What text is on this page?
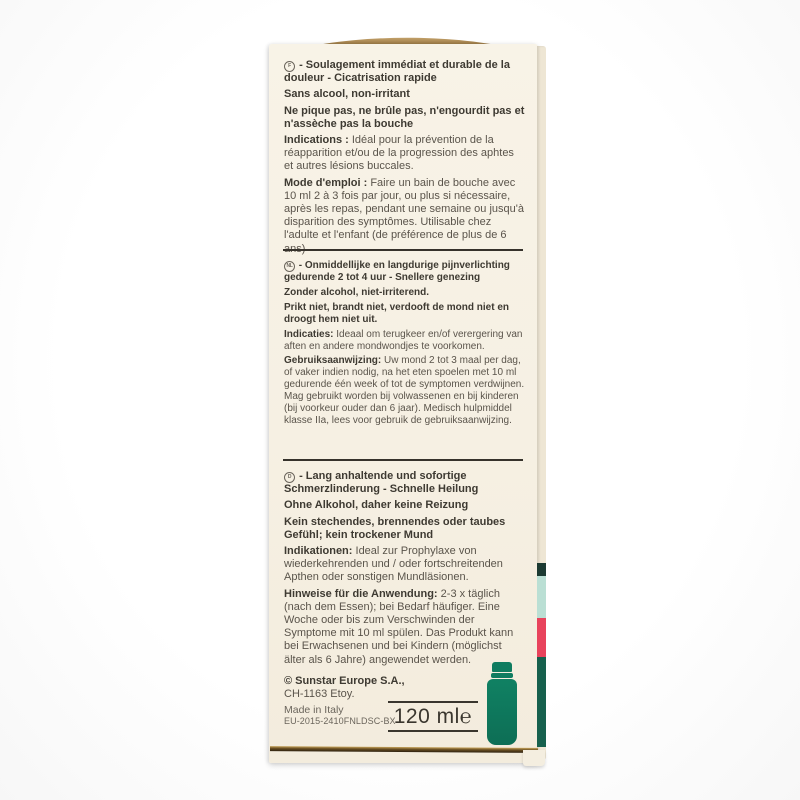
F - Soulagement immédiat et durable de la douleur - Cicatrisation rapide

Sans alcool, non-irritant

Ne pique pas, ne brûle pas, n'engourdit pas et n'assèche pas la bouche

Indications : Idéal pour la prévention de la réapparition et/ou de la progression des aphtes et autres lésions buccales.

Mode d'emploi : Faire un bain de bouche avec 10 ml 2 à 3 fois par jour, ou plus si nécessaire, après les repas, pendant une semaine ou jusqu'à disparition des symptômes. Utilisable chez l'adulte et l'enfant (de préférence de plus de 6 ans)

NL - Onmiddellijke en langdurige pijnverlichting gedurende 2 tot 4 uur - Snellere genezing

Zonder alcohol, niet-irriterend.

Prikt niet, brandt niet, verdooft de mond niet en droogt hem niet uit.

Indicaties: Ideaal om terugkeer en/of verergering van aften en andere mondwondjes te voorkomen.

Gebruiksaanwijzing: Uw mond 2 tot 3 maal per dag, of vaker indien nodig, na het eten spoelen met 10 ml gedurende één week of tot de symptomen verdwijnen. Mag gebruikt worden bij volwassenen en bij kinderen (bij voorkeur ouder dan 6 jaar). Medisch hulpmiddel klasse IIa, lees voor gebruik de gebruiksaanwijzing.

D - Lang anhaltende und sofortige Schmerzlinderung - Schnelle Heilung

Ohne Alkohol, daher keine Reizung

Kein stechendes, brennendes oder taubes Gefühl; kein trockener Mund

Indikationen: Ideal zur Prophylaxe von wiederkehrenden und / oder fortschreitenden Apthen oder sonstigen Mundläsionen.

Hinweise für die Anwendung: 2-3 x täglich (nach dem Essen); bei Bedarf häufiger. Eine Woche oder bis zum Verschwinden der Symptome mit 10 ml spülen. Das Produkt kann bei Erwachsenen und bei Kindern (möglichst älter als 6 Jahre) angewendet werden.

© Sunstar Europe S.A.,
CH-1163 Etoy.
Made in Italy
EU-2015-2410FNLDSC-BX
120 ml℮
